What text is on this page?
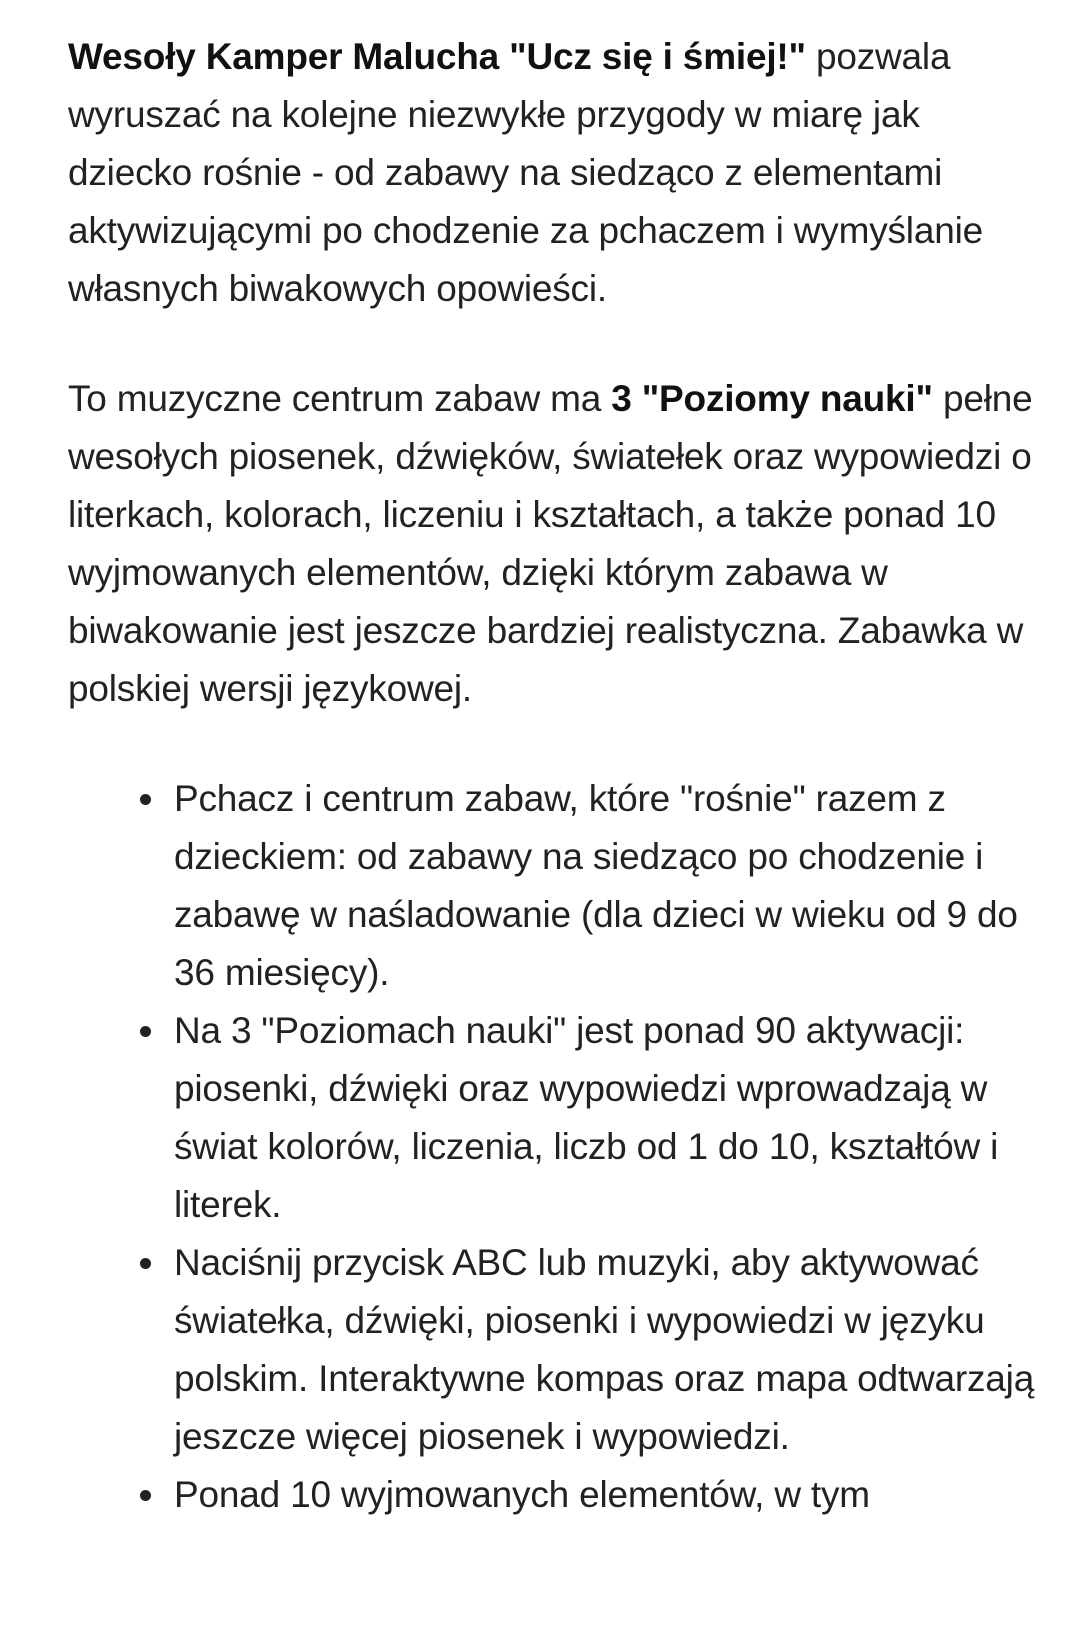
Wesoły Kamper Malucha "Ucz się i śmiej!" pozwala wyruszać na kolejne niezwykłe przygody w miarę jak dziecko rośnie - od zabawy na siedząco z elementami aktywizującymi po chodzenie za pchaczem i wymyślanie własnych biwakowych opowieści.

To muzyczne centrum zabaw ma 3 "Poziomy nauki" pełne wesołych piosenek, dźwięków, światełek oraz wypowiedzi o literkach, kolorach, liczeniu i kształtach, a także ponad 10 wyjmowanych elementów, dzięki którym zabawa w biwakowanie jest jeszcze bardziej realistyczna. Zabawka w polskiej wersji językowej.

Pchacz i centrum zabaw, które "rośnie" razem z dzieckiem: od zabawy na siedząco po chodzenie i zabawę w naśladowanie (dla dzieci w wieku od 9 do 36 miesięcy).
Na 3 "Poziomach nauki" jest ponad 90 aktywacji: piosenki, dźwięki oraz wypowiedzi wprowadzają w świat kolorów, liczenia, liczb od 1 do 10, kształtów i literek.
Naciśnij przycisk ABC lub muzyki, aby aktywować światełka, dźwięki, piosenki i wypowiedzi w języku polskim. Interaktywne kompas oraz mapa odtwarzają jeszcze więcej piosenek i wypowiedzi.
Ponad 10 wyjmowanych elementów, w tym
